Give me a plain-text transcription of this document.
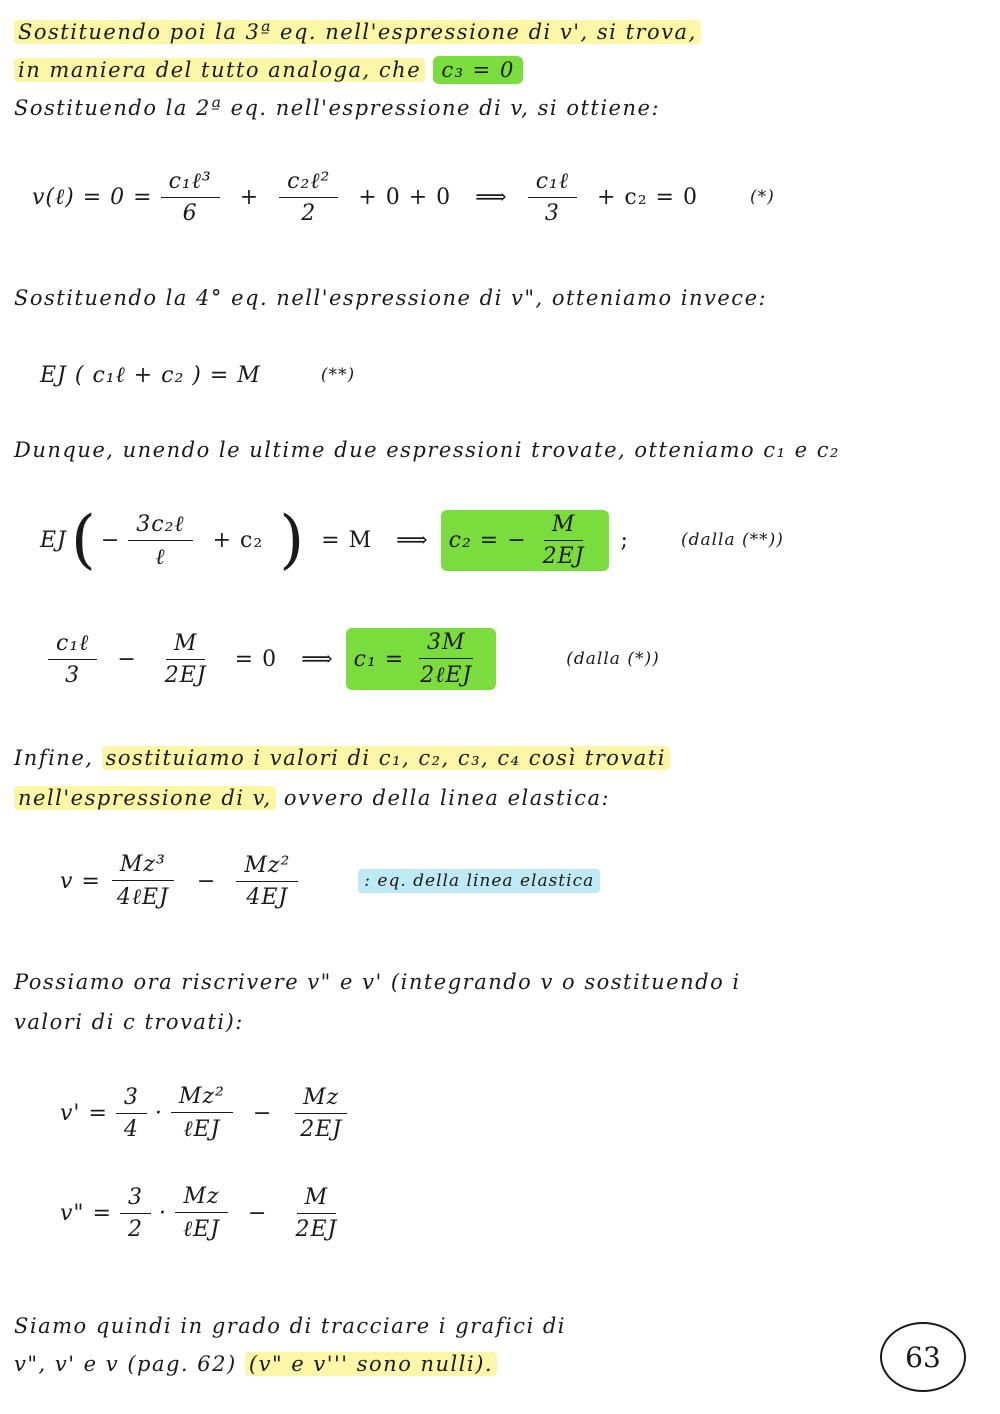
Sostituendo poi la 3ª eq. nell'espressione di v', si trova,
in maniera del tutto analoga, che c₃ = 0
Sostituendo la 2ª eq. nell'espressione di v, si ottiene:
v(ℓ) = $0 = \frac{\text{c₁ℓ³}}{6} + \frac{\text{c₂ℓ²}}{2} + 0 + 0$ ⟹ $\frac{\text{c₁ℓ}}{3} + c_2 = 0$	(*)
Sostituendo la 4° eq. nell'espressione di v", otteniamo invece:
EJ ( c₁ℓ + c₂ ) = M	(**)
Dunque, unendo le ultime due espressioni trovate, otteniamo c₁ e c₂
EJ ( − $\frac{\text{3c₂ℓ}}{\text{ℓ}} + c_2$ ) = M ⟹ c₂ = − $\frac{M}{2EJ}$ ;	(dalla (**))
$\frac{\text{c₁ℓ}}{3} - \frac{M}{2EJ} = 0$ ⟹ $c_1 = \frac{3M}{\text{2ℓEJ}}$	(dalla (*))
Infine, sostituiamo i valori di c₁, c₂, c₃, c₄ così trovati
nell'espressione di v, ovvero della linea elastica:
$v = \frac{\text{Mz³}}{\text{4ℓEJ}} - \frac{\text{Mz²}}{4EJ}$	: eq. della linea elastica
Possiamo ora riscrivere v" e v' (integrando v o sostituendo i
valori di c trovati):
$v' = \frac{3}{4} \cdot \frac{\text{Mz²}}{\text{ℓEJ}} - \frac{Mz}{2EJ}$
v" = $\frac{3}{2} \cdot \frac{Mz}{\text{ℓEJ}} - \frac{M}{2EJ}$
Siamo quindi in grado di tracciare i grafici di
v", v' e v (pag. 62) (v" e v''' sono nulli).	63
